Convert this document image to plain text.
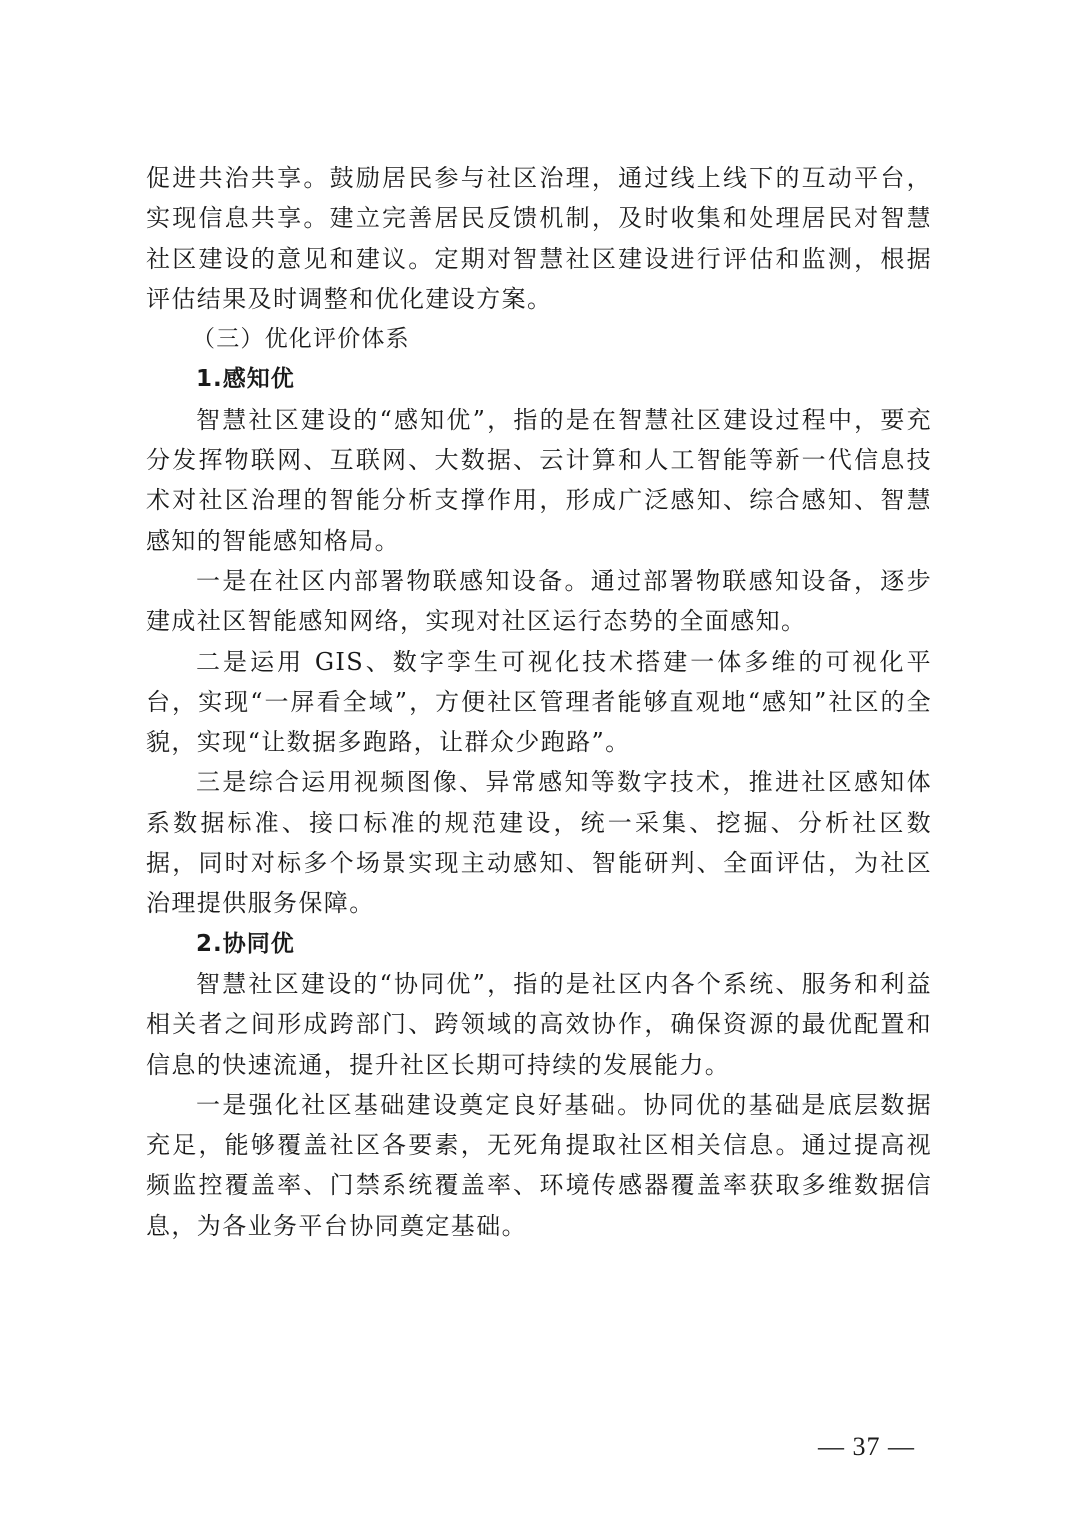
促进共治共享。鼓励居民参与社区治理，通过线上线下的互动平台，实现信息共享。建立完善居民反馈机制，及时收集和处理居民对智慧社区建设的意见和建议。定期对智慧社区建设进行评估和监测，根据评估结果及时调整和优化建设方案。

（三）优化评价体系
1.感知优

智慧社区建设的“感知优”，指的是在智慧社区建设过程中，要充分发挥物联网、互联网、大数据、云计算和人工智能等新一代信息技术对社区治理的智能分析支撑作用，形成广泛感知、综合感知、智慧感知的智能感知格局。

一是在社区内部署物联感知设备。通过部署物联感知设备，逐步建成社区智能感知网络，实现对社区运行态势的全面感知。

二是运用 GIS、数字孪生可视化技术搭建一体多维的可视化平台，实现“一屏看全域”，方便社区管理者能够直观地“感知”社区的全貌，实现“让数据多跑路，让群众少跑路”。

三是综合运用视频图像、异常感知等数字技术，推进社区感知体系数据标准、接口标准的规范建设，统一采集、挖掘、分析社区数据，同时对标多个场景实现主动感知、智能研判、全面评估，为社区治理提供服务保障。

2.协同优

智慧社区建设的“协同优”，指的是社区内各个系统、服务和利益相关者之间形成跨部门、跨领域的高效协作，确保资源的最优配置和信息的快速流通，提升社区长期可持续的发展能力。

一是强化社区基础建设奠定良好基础。协同优的基础是底层数据充足，能够覆盖社区各要素，无死角提取社区相关信息。通过提高视频监控覆盖率、门禁系统覆盖率、环境传感器覆盖率获取多维数据信息，为各业务平台协同奠定基础。

— 37 —
